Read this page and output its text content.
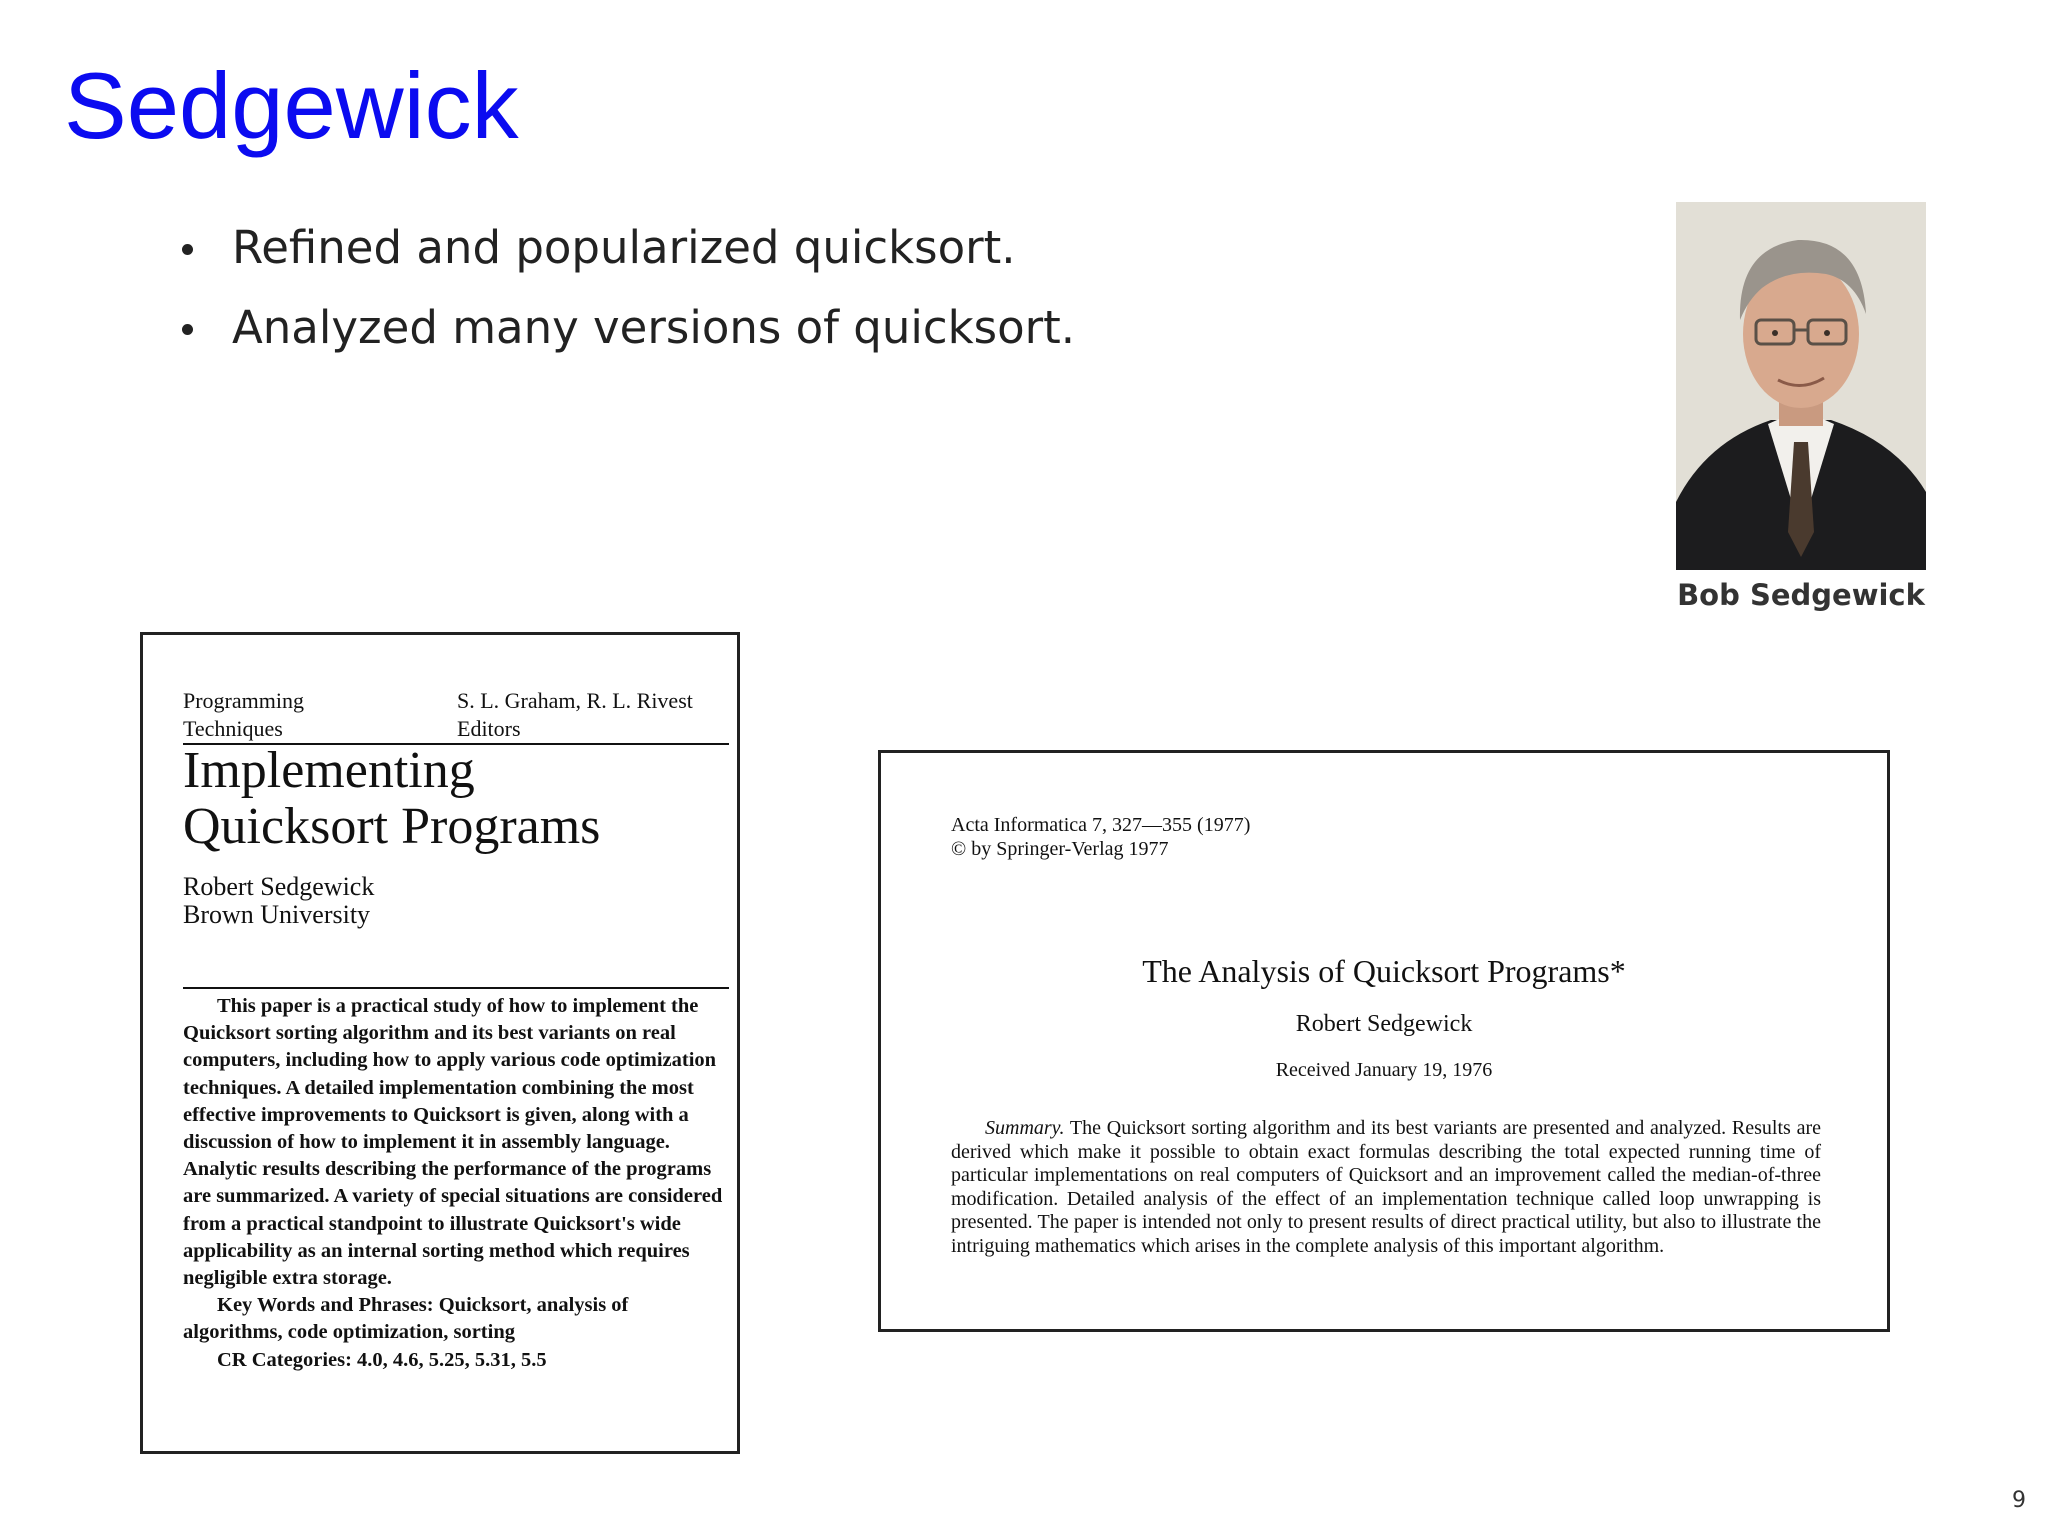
Sedgewick
Refined and popularized quicksort.
Analyzed many versions of quicksort.
Bob Sedgewick
Programming
Techniques
S. L. Graham, R. L. Rivest
Editors
Implementing
Quicksort Programs
Robert Sedgewick
Brown University

This paper is a practical study of how to implement the Quicksort sorting algorithm and its best variants on real computers, including how to apply various code optimization techniques. A detailed implementation combining the most effective improvements to Quicksort is given, along with a discussion of how to implement it in assembly language. Analytic results describing the performance of the programs are summarized. A variety of special situations are considered from a practical standpoint to illustrate Quicksort's wide applicability as an internal sorting method which requires negligible extra storage.

Key Words and Phrases: Quicksort, analysis of algorithms, code optimization, sorting

CR Categories: 4.0, 4.6, 5.25, 5.31, 5.5

Acta Informatica 7, 327—355 (1977)
© by Springer-Verlag 1977
The Analysis of Quicksort Programs*
Robert Sedgewick
Received January 19, 1976

Summary. The Quicksort sorting algorithm and its best variants are presented and analyzed. Results are derived which make it possible to obtain exact formulas describing the total expected running time of particular implementations on real computers of Quicksort and an improvement called the median-of-three modification. Detailed analysis of the effect of an implementation technique called loop unwrapping is presented. The paper is intended not only to present results of direct practical utility, but also to illustrate the intriguing mathematics which arises in the complete analysis of this important algorithm.

9
